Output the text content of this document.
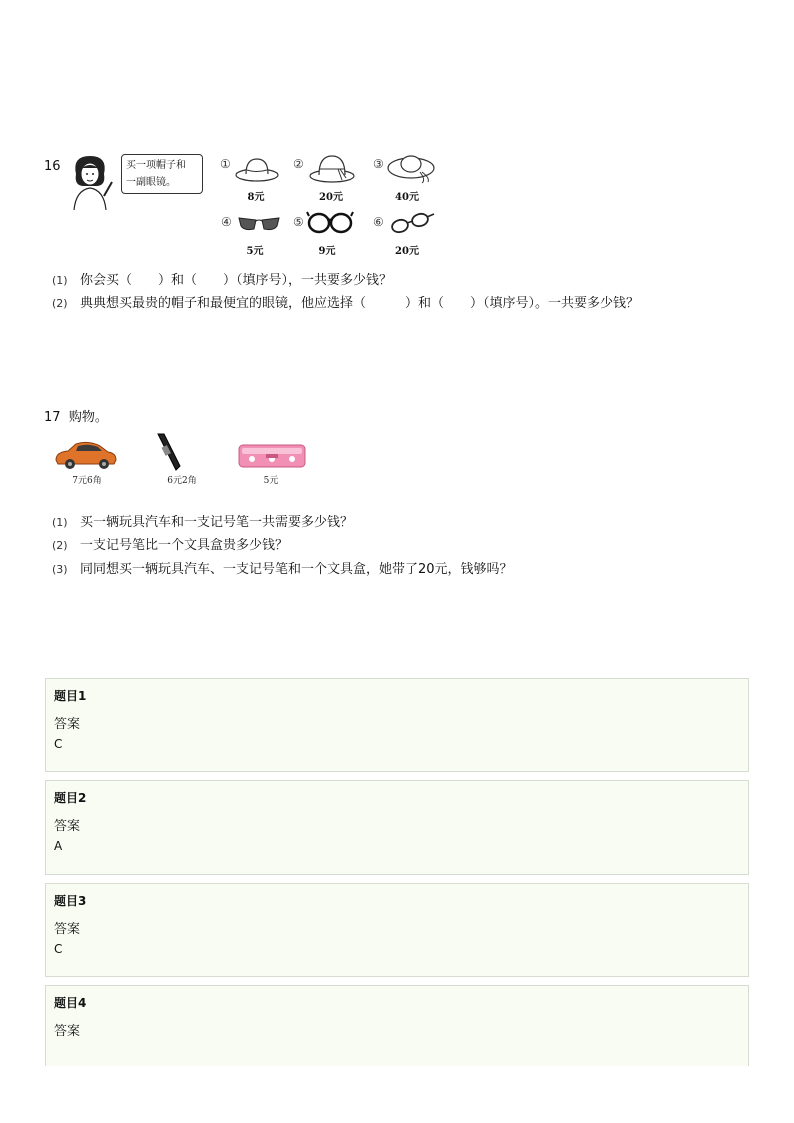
16	买一项帽子和
一副眼镜。
①
8元
②
20元
③
40元
④
5元
⑤
9元
⑥
20元
(1) 你会买（　　）和（　　）（填序号），一共要多少钱？
(2) 典典想买最贵的帽子和最便宜的眼镜，他应选择（　　　）和（　　）（填序号）。一共要多少钱？
17 购物。
7元6角	6元2角	5元
(1) 买一辆玩具汽车和一支记号笔一共需要多少钱？
(2) 一支记号笔比一个文具盒贵多少钱？
(3) 同同想买一辆玩具汽车、一支记号笔和一个文具盒，她带了20元，钱够吗？
题目1
答案
C
题目2
答案
A
题目3
答案
C
题目4
答案
